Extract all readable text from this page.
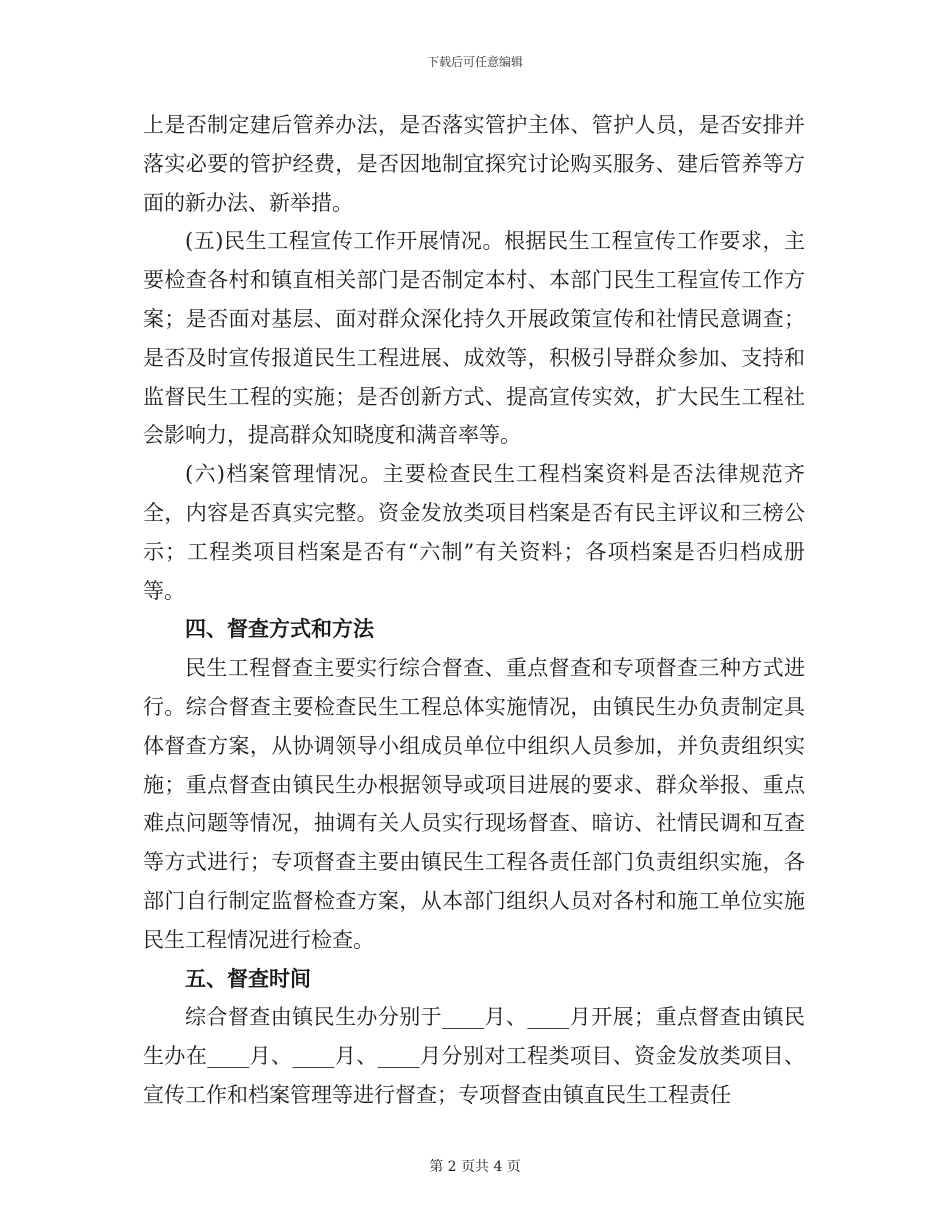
下载后可任意编辑

上是否制定建后管养办法，是否落实管护主体、管护人员，是否安排并落实必要的管护经费，是否因地制宜探究讨论购买服务、建后管养等方面的新办法、新举措。

(五)民生工程宣传工作开展情况。根据民生工程宣传工作要求，主要检查各村和镇直相关部门是否制定本村、本部门民生工程宣传工作方案；是否面对基层、面对群众深化持久开展政策宣传和社情民意调查；是否及时宣传报道民生工程进展、成效等，积极引导群众参加、支持和监督民生工程的实施；是否创新方式、提高宣传实效，扩大民生工程社会影响力，提高群众知晓度和满音率等。

(六)档案管理情况。主要检查民生工程档案资料是否法律规范齐全，内容是否真实完整。资金发放类项目档案是否有民主评议和三榜公示；工程类项目档案是否有“六制”有关资料；各项档案是否归档成册等。

四、督查方式和方法

民生工程督查主要实行综合督查、重点督查和专项督查三种方式进行。综合督查主要检查民生工程总体实施情况，由镇民生办负责制定具体督查方案，从协调领导小组成员单位中组织人员参加，并负责组织实施；重点督查由镇民生办根据领导或项目进展的要求、群众举报、重点难点问题等情况，抽调有关人员实行现场督查、暗访、社情民调和互查等方式进行；专项督查主要由镇民生工程各责任部门负责组织实施，各部门自行制定监督检查方案，从本部门组织人员对各村和施工单位实施民生工程情况进行检查。

五、督查时间

综合督查由镇民生办分别于____月、____月开展；重点督查由镇民生办在____月、____月、____月分别对工程类项目、资金发放类项目、宣传工作和档案管理等进行督查；专项督查由镇直民生工程责任

第 2 页共 4 页
